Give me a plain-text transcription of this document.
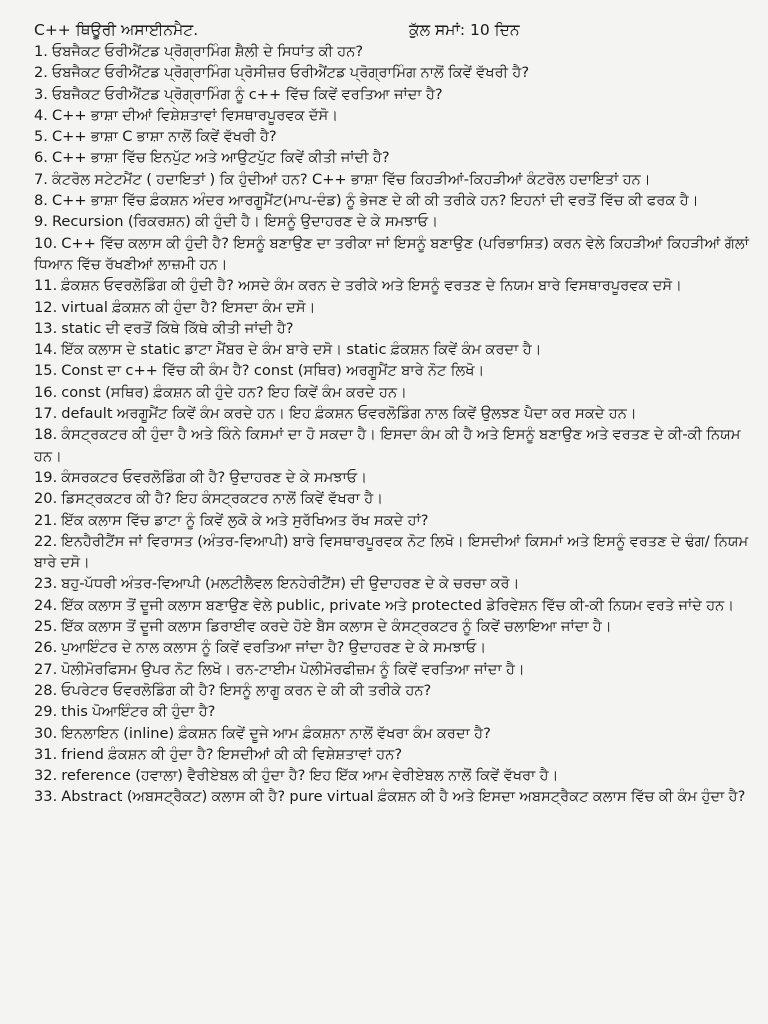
C++ ਥਿਊਰੀ ਅਸਾਈਨਮੈਟ.	ਕੁੱਲ ਸਮਾਂ: 10 ਦਿਨ
1. ਓਬਜੈਕਟ ਓਰੀਐਂਟਡ ਪ੍ਰੋਗ੍ਰਾਮਿੰਗ ਸ਼ੈਲੀ ਦੇ ਸਿਧਾਂਤ ਕੀ ਹਨ?
2. ਓਬਜੈਕਟ ਓਰੀਐਂਟਡ ਪ੍ਰੋਗ੍ਰਾਮਿੰਗ ਪ੍ਰੋਸੀਜ਼ਰ ਓਰੀਐਂਟਡ ਪ੍ਰੋਗ੍ਰਾਮਿੰਗ ਨਾਲੋਂ ਕਿਵੇਂ ਵੱਖਰੀ ਹੈ?
3. ਓਬਜੈਕਟ ਓਰੀਐਂਟਡ ਪ੍ਰੋਗ੍ਰਾਮਿੰਗ ਨੂੰ c++ ਵਿੱਚ ਕਿਵੇਂ ਵਰਤਿਆ ਜਾਂਦਾ ਹੈ?
4. C++ ਭਾਸ਼ਾ ਦੀਆਂ ਵਿਸ਼ੇਸ਼ਤਾਵਾਂ ਵਿਸਥਾਰਪੂਰਵਕ ਦੱਸੋ।
5. C++ ਭਾਸ਼ਾ C ਭਾਸ਼ਾ ਨਾਲੋਂ ਕਿਵੇਂ ਵੱਖਰੀ ਹੈ?
6. C++ ਭਾਸ਼ਾ ਵਿੱਚ ਇਨਪੁੱਟ ਅਤੇ ਆਉਟਪੁੱਟ ਕਿਵੇਂ ਕੀਤੀ ਜਾਂਦੀ ਹੈ?
7. ਕੰਟਰੋਲ ਸਟੇਟਮੈਂਟ ( ਹਦਾਇਤਾਂ ) ਕਿ ਹੁੰਦੀਆਂ ਹਨ? C++ ਭਾਸ਼ਾ ਵਿੱਚ ਕਿਹੜੀਆਂ-ਕਿਹੜੀਆਂ ਕੰਟਰੋਲ ਹਦਾਇਤਾਂ ਹਨ।
8. C++ ਭਾਸ਼ਾ ਵਿੱਚ ਫ਼ੰਕਸ਼ਨ ਅੰਦਰ ਆਰਗੂਮੈਂਟ(ਮਾਪ-ਦੰਡ) ਨੂੰ ਭੇਜਣ ਦੇ ਕੀ ਕੀ ਤਰੀਕੇ ਹਨ? ਇਹਨਾਂ ਦੀ ਵਰਤੋਂ ਵਿੱਚ ਕੀ ਫਰਕ ਹੈ।
9. Recursion (ਰਿਕਰਸ਼ਨ) ਕੀ ਹੁੰਦੀ ਹੈ। ਇਸਨੂੰ ਉਦਾਹਰਣ ਦੇ ਕੇ ਸਮਝਾਓ।
10. C++ ਵਿੱਚ ਕਲਾਸ ਕੀ ਹੁੰਦੀ ਹੈ? ਇਸਨੂੰ ਬਣਾਉਣ ਦਾ ਤਰੀਕਾ ਜਾਂ ਇਸਨੂੰ ਬਣਾਉਣ (ਪਰਿਭਾਸ਼ਿਤ) ਕਰਨ ਵੇਲੇ ਕਿਹੜੀਆਂ ਕਿਹੜੀਆਂ ਗੱਲਾਂ ਧਿਆਨ ਵਿੱਚ ਰੱਖਣੀਆਂ ਲਾਜ਼ਮੀ ਹਨ।
11. ਫ਼ੰਕਸ਼ਨ ਓਵਰਲੋਡਿੰਗ ਕੀ ਹੁੰਦੀ ਹੈ? ਅਸਦੇ ਕੰਮ ਕਰਨ ਦੇ ਤਰੀਕੇ ਅਤੇ ਇਸਨੂੰ ਵਰਤਣ ਦੇ ਨਿਯਮ ਬਾਰੇ ਵਿਸਥਾਰਪੂਰਵਕ ਦਸੋ।
12. virtual ਫ਼ੰਕਸ਼ਨ ਕੀ ਹੁੰਦਾ ਹੈ? ਇਸਦਾ ਕੰਮ ਦਸੋ।
13. static ਦੀ ਵਰਤੋਂ ਕਿੱਥੇ ਕਿੱਥੇ ਕੀਤੀ ਜਾਂਦੀ ਹੈ?
14. ਇੱਕ ਕਲਾਸ ਦੇ static ਡਾਟਾ ਮੈਂਬਰ ਦੇ ਕੰਮ ਬਾਰੇ ਦਸੋ। static ਫ਼ੰਕਸ਼ਨ ਕਿਵੇਂ ਕੰਮ ਕਰਦਾ ਹੈ।
15. Const ਦਾ c++ ਵਿੱਚ ਕੀ ਕੰਮ ਹੈ? const (ਸਥਿਰ) ਅਰਗੂਮੈਂਟ ਬਾਰੇ ਨੋਟ ਲਿਖੋ।
16. const (ਸਥਿਰ) ਫ਼ੰਕਸ਼ਨ ਕੀ ਹੁੰਦੇ ਹਨ? ਇਹ ਕਿਵੇਂ ਕੰਮ ਕਰਦੇ ਹਨ।
17. default ਅਰਗੂਮੈਂਟ ਕਿਵੇਂ ਕੰਮ ਕਰਦੇ ਹਨ। ਇਹ ਫ਼ੰਕਸ਼ਨ ਓਵਰਲੋਡਿੰਗ ਨਾਲ ਕਿਵੇਂ ਉਲਝਣ ਪੈਦਾ ਕਰ ਸਕਦੇ ਹਨ।
18. ਕੰਸਟ੍ਰਕਟਰ ਕੀ ਹੁੰਦਾ ਹੈ ਅਤੇ ਕਿੰਨੇ ਕਿਸਮਾਂ ਦਾ ਹੋ ਸਕਦਾ ਹੈ। ਇਸਦਾ ਕੰਮ ਕੀ ਹੈ ਅਤੇ ਇਸਨੂੰ ਬਣਾਉਣ ਅਤੇ ਵਰਤਣ ਦੇ ਕੀ-ਕੀ ਨਿਯਮ ਹਨ।
19. ਕੰਸਰਕਟਰ ਓਵਰਲੋਡਿੰਗ ਕੀ ਹੈ? ਉਦਾਹਰਣ ਦੇ ਕੇ ਸਮਝਾਓ।
20. ਡਿਸਟ੍ਰਕਟਰ ਕੀ ਹੈ? ਇਹ ਕੰਸਟ੍ਰਕਟਰ ਨਾਲੋਂ ਕਿਵੇਂ ਵੱਖਰਾ ਹੈ।
21. ਇੱਕ ਕਲਾਸ ਵਿੱਚ ਡਾਟਾ ਨੂੰ ਕਿਵੇਂ ਲੁਕੋ ਕੇ ਅਤੇ ਸੁਰੱਖਿਅਤ ਰੱਖ ਸਕਦੇ ਹਾਂ?
22. ਇਨਹੈਰੀਟੈਂਸ ਜਾਂ ਵਿਰਾਸਤ (ਅੰਤਰ-ਵਿਆਪੀ) ਬਾਰੇ ਵਿਸਥਾਰਪੂਰਵਕ ਨੋਟ ਲਿਖੋ। ਇਸਦੀਆਂ ਕਿਸਮਾਂ ਅਤੇ ਇਸਨੂੰ ਵਰਤਣ ਦੇ ਢੰਗ/ ਨਿਯਮ ਬਾਰੇ ਦਸੋ।
23. ਬਹੁ-ਪੱਧਰੀ ਅੰਤਰ-ਵਿਆਪੀ (ਮਲਟੀਲੈਵਲ ਇਨਹੇਰੀਟੈਂਸ) ਦੀ ਉਦਾਹਰਣ ਦੇ ਕੇ ਚਰਚਾ ਕਰੋ।
24. ਇੱਕ ਕਲਾਸ ਤੋਂ ਦੂਜੀ ਕਲਾਸ ਬਣਾਉਣ ਵੇਲੇ public, private ਅਤੇ protected ਡੇਰਿਵੇਸ਼ਨ ਵਿੱਚ ਕੀ-ਕੀ ਨਿਯਮ ਵਰਤੇ ਜਾਂਦੇ ਹਨ।
25. ਇੱਕ ਕਲਾਸ ਤੋਂ ਦੂਜੀ ਕਲਾਸ ਡਿਰਾਈਵ ਕਰਦੇ ਹੋਏ ਬੈਸ ਕਲਾਸ ਦੇ ਕੰਸਟ੍ਰਕਟਰ ਨੂੰ ਕਿਵੇਂ ਚਲਾਇਆ ਜਾਂਦਾ ਹੈ।
26. ਪੁਆਇੰਟਰ ਦੇ ਨਾਲ ਕਲਾਸ ਨੂੰ ਕਿਵੇਂ ਵਰਤਿਆ ਜਾਂਦਾ ਹੈ? ਉਦਾਹਰਣ ਦੇ ਕੇ ਸਮਝਾਓ।
27. ਪੋਲੀਮੋਰਫਿਸਮ ਉਪਰ ਨੋਟ ਲਿਖੋ। ਰਨ-ਟਾਈਮ ਪੋਲੀਮੋਰਫੀਜ਼ਮ ਨੂੰ ਕਿਵੇਂ ਵਰਤਿਆ ਜਾਂਦਾ ਹੈ।
28. ਓਪਰੇਟਰ ਓਵਰਲੋਡਿੰਗ ਕੀ ਹੈ? ਇਸਨੂੰ ਲਾਗੂ ਕਰਨ ਦੇ ਕੀ ਕੀ ਤਰੀਕੇ ਹਨ?
29. this ਪੋਆਇੰਟਰ ਕੀ ਹੁੰਦਾ ਹੈ?
30. ਇਨਲਾਇਨ (inline) ਫ਼ੰਕਸ਼ਨ ਕਿਵੇਂ ਦੂਜੇ ਆਮ ਫ਼ੰਕਸ਼ਨਾ ਨਾਲੋਂ ਵੱਖਰਾ ਕੰਮ ਕਰਦਾ ਹੈ?
31. friend ਫ਼ੰਕਸ਼ਨ ਕੀ ਹੁੰਦਾ ਹੈ? ਇਸਦੀਆਂ ਕੀ ਕੀ ਵਿਸ਼ੇਸ਼ਤਾਵਾਂ ਹਨ?
32. reference (ਹਵਾਲਾ) ਵੈਰੀਏਬਲ ਕੀ ਹੁੰਦਾ ਹੈ? ਇਹ ਇੱਕ ਆਮ ਵੇਰੀਏਬਲ ਨਾਲੋਂ ਕਿਵੇਂ ਵੱਖਰਾ ਹੈ।
33. Abstract (ਅਬਸਟ੍ਰੈਕਟ) ਕਲਾਸ ਕੀ ਹੈ? pure virtual ਫ਼ੰਕਸ਼ਨ ਕੀ ਹੈ ਅਤੇ ਇਸਦਾ ਅਬਸਟ੍ਰੈਕਟ ਕਲਾਸ ਵਿੱਚ ਕੀ ਕੰਮ ਹੁੰਦਾ ਹੈ?
